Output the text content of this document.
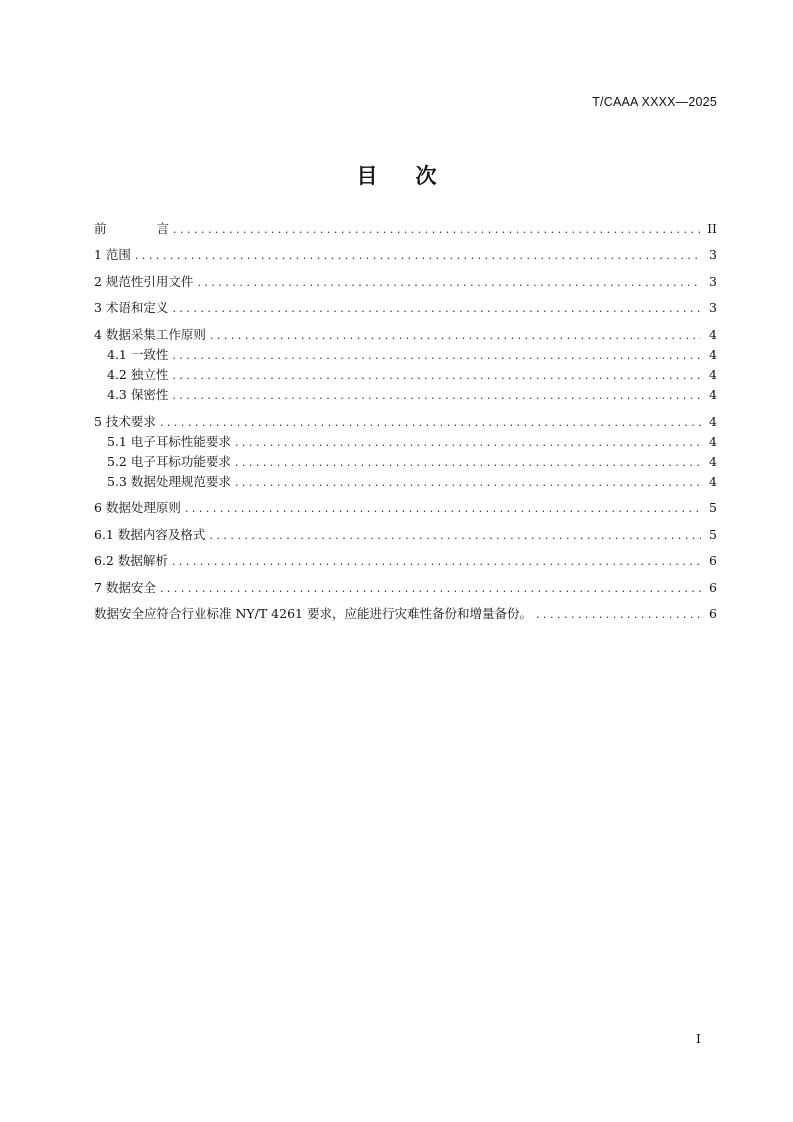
T/CAAA XXXX—2025
目 次
前	言 . . .	II
1 范围 . . .	3
2 规范性引用文件 . . .	3
3 术语和定义 . . .	3
4 数据采集工作原则 . . .	4
4.1 一致性 . . .	4
4.2 独立性 . . .	4
4.3 保密性 . . .	4
5 技术要求 . . .	4
5.1 电子耳标性能要求 . . .	4
5.2 电子耳标功能要求 . . .	4
5.3 数据处理规范要求 . . .	4
6 数据处理原则 . . .	5
6.1 数据内容及格式 . . .	5
6.2 数据解析 . . .	6
7 数据安全 . . .	6
数据安全应符合行业标准 NY/T 4261 要求，应能进行灾难性备份和增量备份。 . . .	6
I
